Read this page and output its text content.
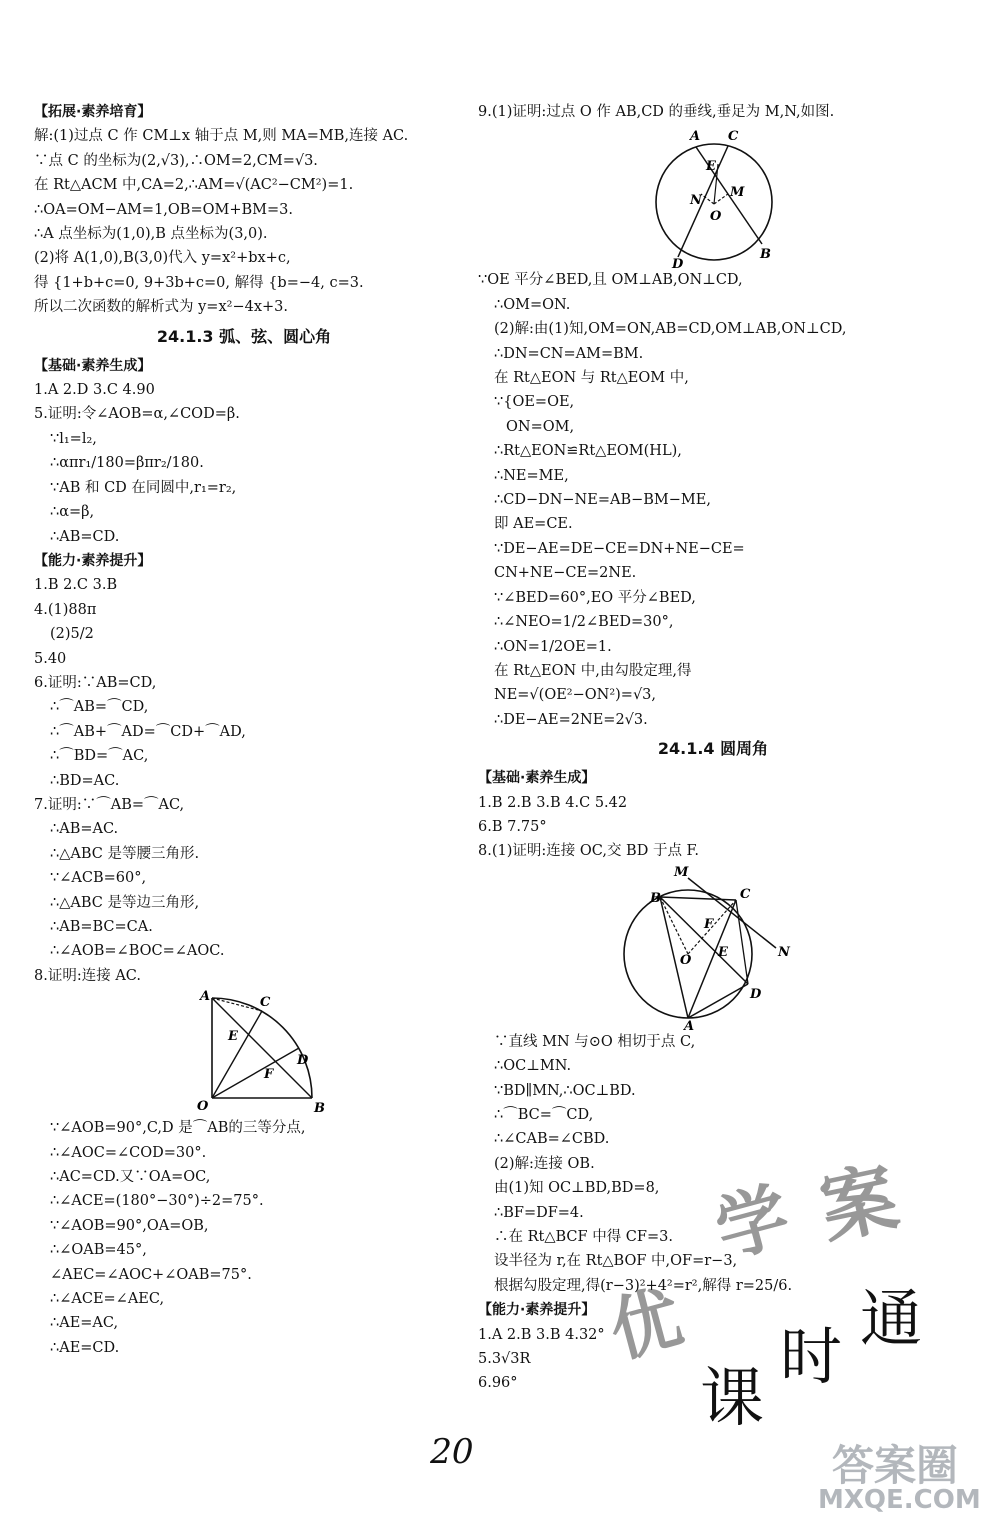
【拓展·素养培育】
解:(1)过点 C 作 CM⊥x 轴于点 M,则 MA=MB,连接 AC.
∵点 C 的坐标为(2,√3),∴OM=2,CM=√3.
在 Rt△ACM 中,CA=2,∴AM=√(AC²−CM²)=1.
∴OA=OM−AM=1,OB=OM+BM=3.
∴A 点坐标为(1,0),B 点坐标为(3,0).
(2)将 A(1,0),B(3,0)代入 y=x²+bx+c,
得 {1+b+c=0, 9+3b+c=0, 解得 {b=−4, c=3.
所以二次函数的解析式为 y=x²−4x+3.
24.1.3 弧、弦、圆心角
【基础·素养生成】
1.A 2.D 3.C 4.90
5.证明:令∠AOB=α,∠COD=β.
∵l₁=l₂,
∴απr₁/180=βπr₂/180.
∵AB 和 CD 在同圆中,r₁=r₂,
∴α=β,
∴AB=CD.
【能力·素养提升】
1.B 2.C 3.B
4.(1)88π
(2)5/2
5.40
6.证明:∵AB=CD,
∴⌒AB=⌒CD,
∴⌒AB+⌒AD=⌒CD+⌒AD,
∴⌒BD=⌒AC,
∴BD=AC.
7.证明:∵⌒AB=⌒AC,
∴AB=AC.
∴△ABC 是等腰三角形.
∵∠ACB=60°,
∴△ABC 是等边三角形,
∴AB=BC=CA.
∴∠AOB=∠BOC=∠AOC.
8.证明:连接 AC.
A	C
E
D
F
O	B
∵∠AOB=90°,C,D 是⌒AB的三等分点,
∴∠AOC=∠COD=30°.
∴AC=CD.又∵OA=OC,
∴∠ACE=(180°−30°)÷2=75°.
∵∠AOB=90°,OA=OB,
∴∠OAB=45°,
∠AEC=∠AOC+∠OAB=75°.
∴∠ACE=∠AEC,
∴AE=AC,
∴AE=CD.
9.(1)证明:过点 O 作 AB,CD 的垂线,垂足为 M,N,如图.
A C
E
N
M
O
D
B
∵OE 平分∠BED,且 OM⊥AB,ON⊥CD,
∴OM=ON.
(2)解:由(1)知,OM=ON,AB=CD,OM⊥AB,ON⊥CD,
∴DN=CN=AM=BM.
在 Rt△EON 与 Rt△EOM 中,
∵{OE=OE,
ON=OM,
∴Rt△EON≌Rt△EOM(HL),
∴NE=ME,
∴CD−DN−NE=AB−BM−ME,
即 AE=CE.
∵DE−AE=DE−CE=DN+NE−CE=
CN+NE−CE=2NE.
∵∠BED=60°,EO 平分∠BED,
∴∠NEO=1/2∠BED=30°,
∴ON=1/2OE=1.
在 Rt△EON 中,由勾股定理,得
NE=√(OE²−ON²)=√3,
∴DE−AE=2NE=2√3.
24.1.4 圆周角
【基础·素养生成】
1.B 2.B 3.B 4.C 5.42
6.B 7.75°
8.(1)证明:连接 OC,交 BD 于点 F.
M
B	C
F
O
E	N
D
A
∵直线 MN 与⊙O 相切于点 C,
∴OC⊥MN.
∵BD∥MN,∴OC⊥BD.
∴⌒BC=⌒CD,
∴∠CAB=∠CBD.
(2)解:连接 OB.
由(1)知 OC⊥BD,BD=8,
∴BF=DF=4.
∴在 Rt△BCF 中得 CF=3.
设半径为 r,在 Rt△BOF 中,OF=r−3,
根据勾股定理,得(r−3)²+4²=r²,解得 r=25/6.
【能力·素养提升】
1.A 2.B 3.B 4.32°
5.3√3R
6.96°
优
学 案
课
时
通
答案圈
MXQE.COM
20
